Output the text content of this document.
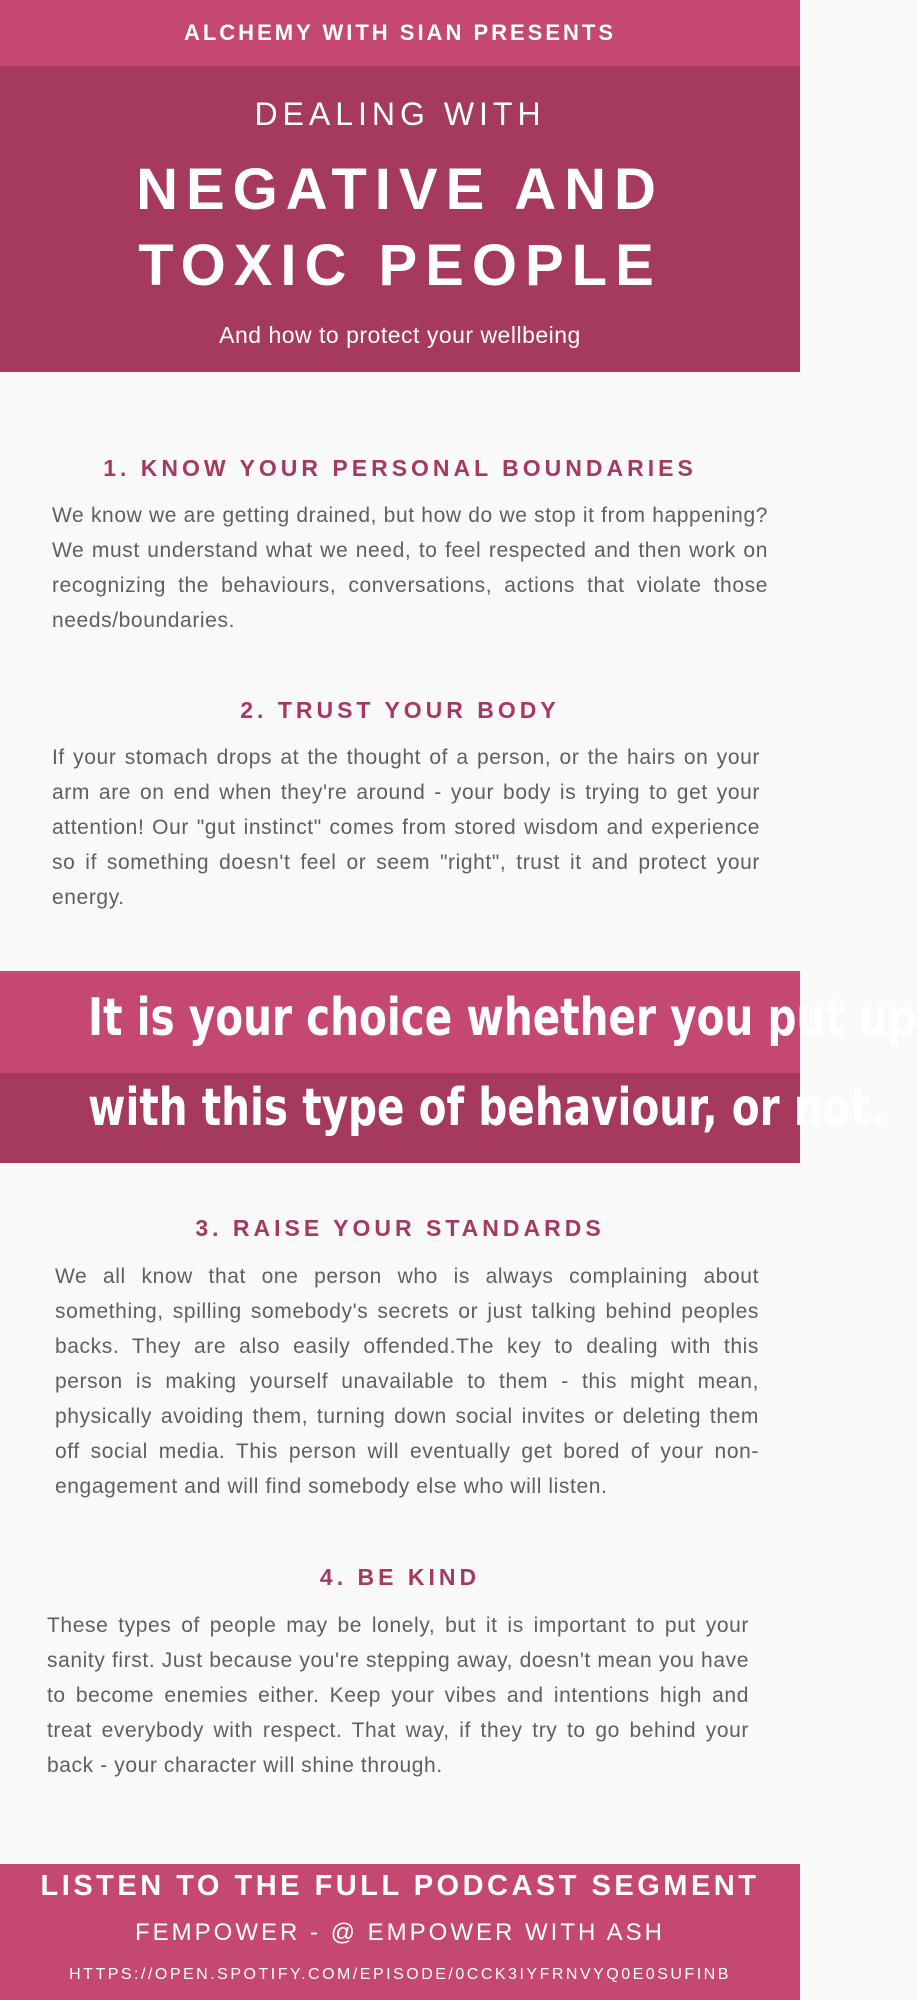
ALCHEMY WITH SIAN PRESENTS
DEALING WITH
NEGATIVE AND
TOXIC PEOPLE
And how to protect your wellbeing
1. KNOW YOUR PERSONAL BOUNDARIES
We know we are getting drained, but how do we stop it from happening? We must understand what we need, to feel respected and then work on recognizing the behaviours, conversations, actions that violate those needs/boundaries.
2. TRUST YOUR BODY
If your stomach drops at the thought of a person, or the hairs on your arm are on end when they're around - your body is trying to get your attention! Our "gut instinct" comes from stored wisdom and experience so if something doesn't feel or seem "right", trust it and protect your energy.
It is your choice whether you put up
with this type of behaviour, or not.
3. RAISE YOUR STANDARDS
We all know that one person who is always complaining about something, spilling somebody's secrets or just talking behind peoples backs. They are also easily offended.The key to dealing with this person is making yourself unavailable to them - this might mean, physically avoiding them, turning down social invites or deleting them off social media. This person will eventually get bored of your non-engagement and will find somebody else who will listen.
4. BE KIND
These types of people may be lonely, but it is important to put your sanity first. Just because you're stepping away, doesn't mean you have to become enemies either. Keep your vibes and intentions high and treat everybody with respect. That way, if they try to go behind your back - your character will shine through.
LISTEN TO THE FULL PODCAST SEGMENT
FEMPOWER - @ EMPOWER WITH ASH
HTTPS://OPEN.SPOTIFY.COM/EPISODE/0CCK3IYFRNVYQ0E0SUFINB
